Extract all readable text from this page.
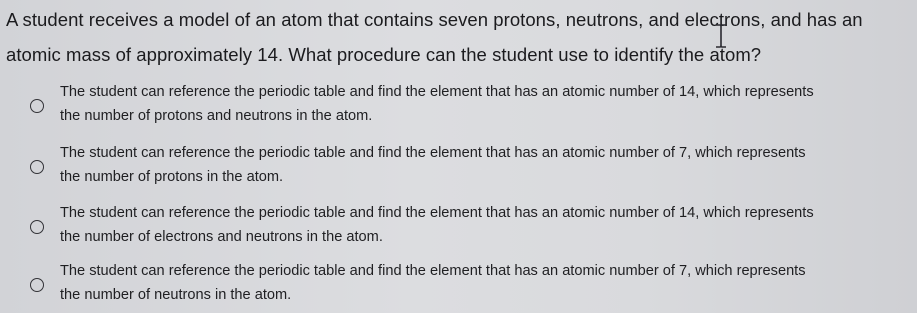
A student receives a model of an atom that contains seven protons, neutrons, and electrons, and has an
atomic mass of approximately 14. What procedure can the student use to identify the atom?
The student can reference the periodic table and find the element that has an atomic number of 14, which represents
the number of protons and neutrons in the atom.
The student can reference the periodic table and find the element that has an atomic number of 7, which represents
the number of protons in the atom.
The student can reference the periodic table and find the element that has an atomic number of 14, which represents
the number of electrons and neutrons in the atom.
The student can reference the periodic table and find the element that has an atomic number of 7, which represents
the number of neutrons in the atom.
